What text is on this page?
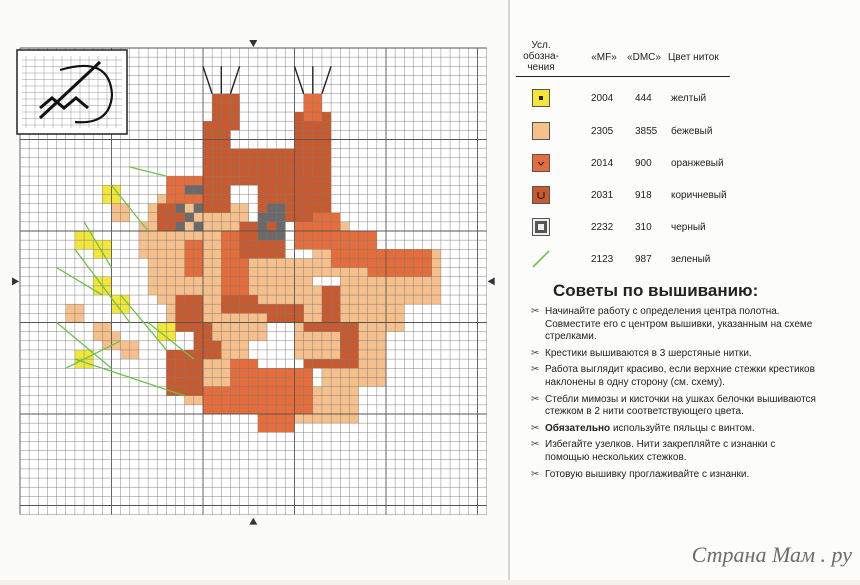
Усл. обозна-чения
«MF»	«DMC» Цвет ниток
2004	444	желтый
2305	3855	бежевый
2014	900	оранжевый
2031	918	коричневый
2232	310	черный
2123	987	зеленый
Советы по вышиванию:
✂ Начинайте работу с определения центра полотна. Совместите его с центром вышивки, указанным на схеме стрелками.
✂ Крестики вышиваются в 3 шерстяные нитки.
✂ Работа выглядит красиво, если верхние стежки крестиков наклонены в одну сторону (см. схему).
✂ Стебли мимозы и кисточки на ушках белочки вышиваются стежком в 2 нити соответствующего цвета.
✂ Обязательно используйте пяльцы с винтом.
✂ Избегайте узелков. Нити закрепляйте с изнанки с помощью нескольких стежков.
✂ Готовую вышивку проглаживайте с изнанки.
Страна Мам . ру
